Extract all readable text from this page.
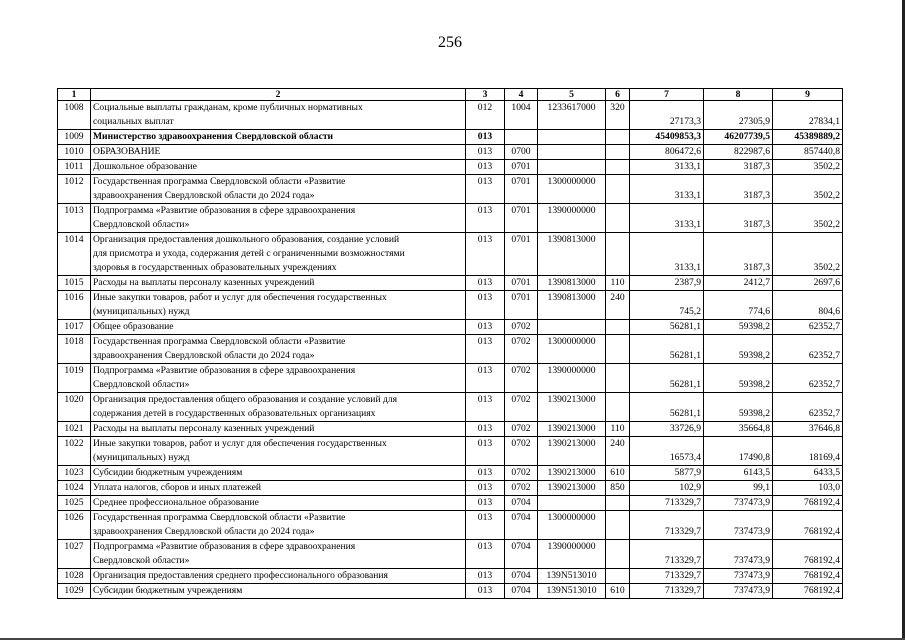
256
1	2	3	4	5	6	7	8	9
1008	Социальные выплаты гражданам, кроме публичных нормативных
социальных выплат	012	1004	1233617000	320	27173,3	27305,9	27834,1
1009	Министерство здравоохранения Свердловской области	013				45409853,3	46207739,5	45389889,2
1010	ОБРАЗОВАНИЕ	013	0700			806472,6	822987,6	857440,8
1011	Дошкольное образование	013	0701			3133,1	3187,3	3502,2
1012	Государственная программа Свердловской области «Развитие
здравоохранения Свердловской области до 2024 года»	013	0701	1300000000		3133,1	3187,3	3502,2
1013	Подпрограмма «Развитие образования в сфере здравоохранения
Свердловской области»	013	0701	1390000000		3133,1	3187,3	3502,2
1014	Организация предоставления дошкольного образования, создание условий
для присмотра и ухода, содержания детей с ограниченными возможностями
здоровья в государственных образовательных учреждениях	013	0701	1390813000		3133,1	3187,3	3502,2
1015	Расходы на выплаты персоналу казенных учреждений	013	0701	1390813000	110	2387,9	2412,7	2697,6
1016	Иные закупки товаров, работ и услуг для обеспечения государственных
(муниципальных) нужд	013	0701	1390813000	240	745,2	774,6	804,6
1017	Общее образование	013	0702			56281,1	59398,2	62352,7
1018	Государственная программа Свердловской области «Развитие
здравоохранения Свердловской области до 2024 года»	013	0702	1300000000		56281,1	59398,2	62352,7
1019	Подпрограмма «Развитие образования в сфере здравоохранения
Свердловской области»	013	0702	1390000000		56281,1	59398,2	62352,7
1020	Организация предоставления общего образования и создание условий для
содержания детей в государственных образовательных организациях	013	0702	1390213000		56281,1	59398,2	62352,7
1021	Расходы на выплаты персоналу казенных учреждений	013	0702	1390213000	110	33726,9	35664,8	37646,8
1022	Иные закупки товаров, работ и услуг для обеспечения государственных
(муниципальных) нужд	013	0702	1390213000	240	16573,4	17490,8	18169,4
1023	Субсидии бюджетным учреждениям	013	0702	1390213000	610	5877,9	6143,5	6433,5
1024	Уплата налогов, сборов и иных платежей	013	0702	1390213000	850	102,9	99,1	103,0
1025	Среднее профессиональное образование	013	0704			713329,7	737473,9	768192,4
1026	Государственная программа Свердловской области «Развитие
здравоохранения Свердловской области до 2024 года»	013	0704	1300000000		713329,7	737473,9	768192,4
1027	Подпрограмма «Развитие образования в сфере здравоохранения
Свердловской области»	013	0704	1390000000		713329,7	737473,9	768192,4
1028	Организация предоставления среднего профессионального образования	013	0704	139N513010		713329,7	737473,9	768192,4
1029	Субсидии бюджетным учреждениям	013	0704	139N513010	610	713329,7	737473,9	768192,4
